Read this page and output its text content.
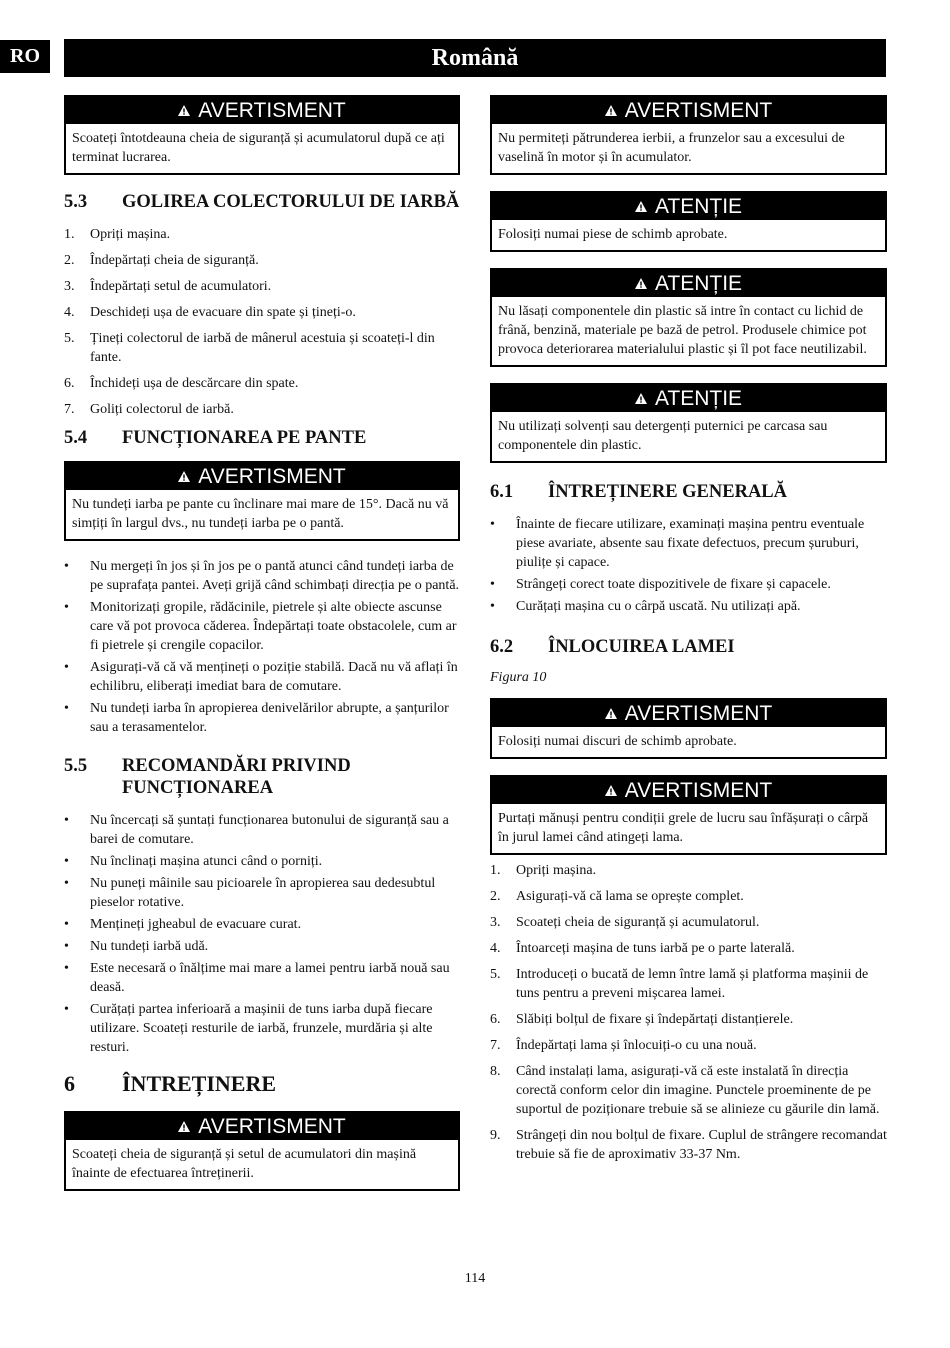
RO	Română
AVERTISMENT
Scoateți întotdeauna cheia de siguranță și acumulatorul după ce ați terminat lucrarea.
5.3	GOLIREA COLECTORULUI DE IARBĂ
1.	Opriți mașina.
2.	Îndepărtați cheia de siguranță.
3.	Îndepărtați setul de acumulatori.
4.	Deschideți ușa de evacuare din spate și țineți-o.
5.	Țineți colectorul de iarbă de mânerul acestuia și scoateți-l din fante.
6.	Închideți ușa de descărcare din spate.
7.	Goliți colectorul de iarbă.
5.4	FUNCȚIONAREA PE PANTE
AVERTISMENT
Nu tundeți iarba pe pante cu înclinare mai mare de 15°. Dacă nu vă simțiți în largul dvs., nu tundeți iarba pe o pantă.
•	Nu mergeți în jos și în jos pe o pantă atunci când tundeți iarba de pe suprafața pantei. Aveți grijă când schimbați direcția pe o pantă.
•	Monitorizați gropile, rădăcinile, pietrele și alte obiecte ascunse care vă pot provoca căderea. Îndepărtați toate obstacolele, cum ar fi pietrele și crengile copacilor.
•	Asigurați-vă că vă mențineți o poziție stabilă. Dacă nu vă aflați în echilibru, eliberați imediat bara de comutare.
•	Nu tundeți iarba în apropierea denivelărilor abrupte, a șanțurilor sau a terasamentelor.
5.5	RECOMANDĂRI PRIVIND FUNCȚIONAREA
•	Nu încercați să șuntați funcționarea butonului de siguranță sau a barei de comutare.
•	Nu înclinați mașina atunci când o porniți.
•	Nu puneți mâinile sau picioarele în apropierea sau dedesubtul pieselor rotative.
•	Mențineți jgheabul de evacuare curat.
•	Nu tundeți iarbă udă.
•	Este necesară o înălțime mai mare a lamei pentru iarbă nouă sau deasă.
•	Curățați partea inferioară a mașinii de tuns iarba după fiecare utilizare. Scoateți resturile de iarbă, frunzele, murdăria și alte resturi.
6	ÎNTREȚINERE
AVERTISMENT
Scoateți cheia de siguranță și setul de acumulatori din mașină înainte de efectuarea întreținerii.
AVERTISMENT
Nu permiteți pătrunderea ierbii, a frunzelor sau a excesului de vaselină în motor și în acumulator.
ATENȚIE
Folosiți numai piese de schimb aprobate.
ATENȚIE
Nu lăsați componentele din plastic să intre în contact cu lichid de frână, benzină, materiale pe bază de petrol. Produsele chimice pot provoca deteriorarea materialului plastic și îl pot face neutilizabil.
ATENȚIE
Nu utilizați solvenți sau detergenți puternici pe carcasa sau componentele din plastic.
6.1	ÎNTREȚINERE GENERALĂ
•	Înainte de fiecare utilizare, examinați mașina pentru eventuale piese avariate, absente sau fixate defectuos, precum șuruburi, piulițe și capace.
•	Strângeți corect toate dispozitivele de fixare și capacele.
•	Curățați mașina cu o cârpă uscată. Nu utilizați apă.
6.2	ÎNLOCUIREA LAMEI
Figura 10
AVERTISMENT
Folosiți numai discuri de schimb aprobate.
AVERTISMENT
Purtați mănuși pentru condiții grele de lucru sau înfășurați o cârpă în jurul lamei când atingeți lama.
1.	Opriți mașina.
2.	Asigurați-vă că lama se oprește complet.
3.	Scoateți cheia de siguranță și acumulatorul.
4.	Întoarceți mașina de tuns iarbă pe o parte laterală.
5.	Introduceți o bucată de lemn între lamă și platforma mașinii de tuns pentru a preveni mișcarea lamei.
6.	Slăbiți bolțul de fixare și îndepărtați distanțierele.
7.	Îndepărtați lama și înlocuiți-o cu una nouă.
8.	Când instalați lama, asigurați-vă că este instalată în direcția corectă conform celor din imagine. Punctele proeminente de pe suportul de poziționare trebuie să se alinieze cu găurile din lamă.
9.	Strângeți din nou bolțul de fixare. Cuplul de strângere recomandat trebuie să fie de aproximativ 33-37 Nm.
114
